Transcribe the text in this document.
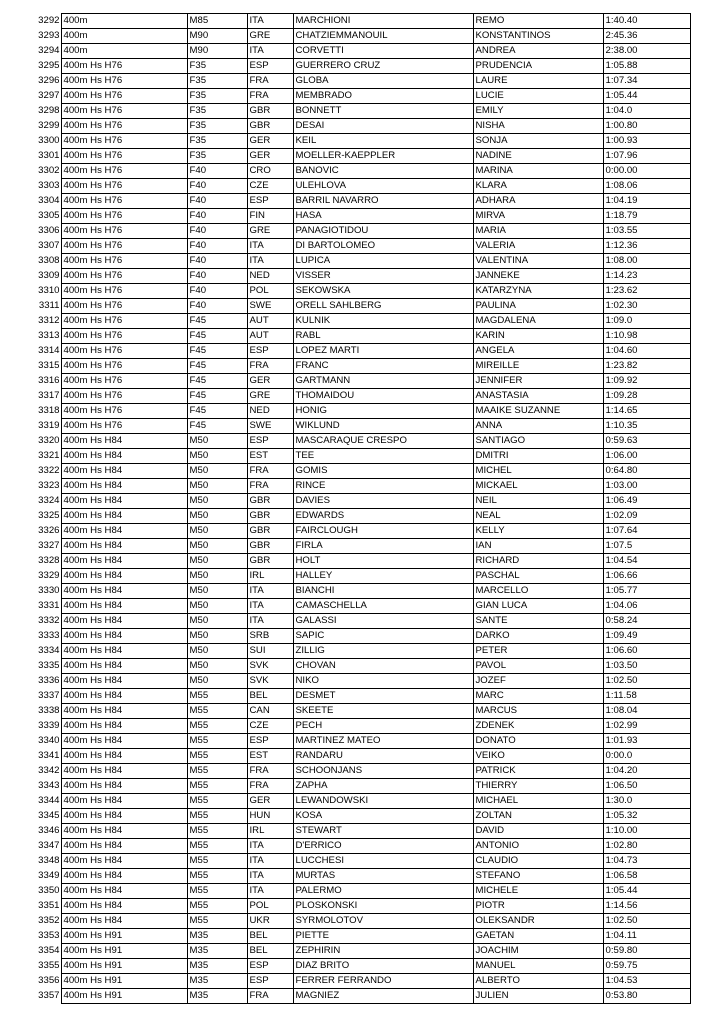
3292	400m	M85	ITA	MARCHIONI	REMO	1:40.40
3293	400m	M90	GRE	CHATZIEMMANOUIL	KONSTANTINOS	2:45.36
3294	400m	M90	ITA	CORVETTI	ANDREA	2:38.00
3295	400m Hs H76	F35	ESP	GUERRERO CRUZ	PRUDENCIA	1:05.88
3296	400m Hs H76	F35	FRA	GLOBA	LAURE	1:07.34
3297	400m Hs H76	F35	FRA	MEMBRADO	LUCIE	1:05.44
3298	400m Hs H76	F35	GBR	BONNETT	EMILY	1:04.0
3299	400m Hs H76	F35	GBR	DESAI	NISHA	1:00.80
3300	400m Hs H76	F35	GER	KEIL	SONJA	1:00.93
3301	400m Hs H76	F35	GER	MOELLER-KAEPPLER	NADINE	1:07.96
3302	400m Hs H76	F40	CRO	BANOVIC	MARINA	0:00.00
3303	400m Hs H76	F40	CZE	ULEHLOVA	KLARA	1:08.06
3304	400m Hs H76	F40	ESP	BARRIL NAVARRO	ADHARA	1:04.19
3305	400m Hs H76	F40	FIN	HASA	MIRVA	1:18.79
3306	400m Hs H76	F40	GRE	PANAGIOTIDOU	MARIA	1:03.55
3307	400m Hs H76	F40	ITA	DI BARTOLOMEO	VALERIA	1:12.36
3308	400m Hs H76	F40	ITA	LUPICA	VALENTINA	1:08.00
3309	400m Hs H76	F40	NED	VISSER	JANNEKE	1:14.23
3310	400m Hs H76	F40	POL	SEKOWSKA	KATARZYNA	1:23.62
3311	400m Hs H76	F40	SWE	ORELL SAHLBERG	PAULINA	1:02.30
3312	400m Hs H76	F45	AUT	KULNIK	MAGDALENA	1:09.0
3313	400m Hs H76	F45	AUT	RABL	KARIN	1:10.98
3314	400m Hs H76	F45	ESP	LOPEZ MARTI	ANGELA	1:04.60
3315	400m Hs H76	F45	FRA	FRANC	MIREILLE	1:23.82
3316	400m Hs H76	F45	GER	GARTMANN	JENNIFER	1:09.92
3317	400m Hs H76	F45	GRE	THOMAIDOU	ANASTASIA	1:09.28
3318	400m Hs H76	F45	NED	HONIG	MAAIKE SUZANNE	1:14.65
3319	400m Hs H76	F45	SWE	WIKLUND	ANNA	1:10.35
3320	400m Hs H84	M50	ESP	MASCARAQUE CRESPO	SANTIAGO	0:59.63
3321	400m Hs H84	M50	EST	TEE	DMITRI	1:06.00
3322	400m Hs H84	M50	FRA	GOMIS	MICHEL	0:64.80
3323	400m Hs H84	M50	FRA	RINCE	MICKAEL	1:03.00
3324	400m Hs H84	M50	GBR	DAVIES	NEIL	1:06.49
3325	400m Hs H84	M50	GBR	EDWARDS	NEAL	1:02.09
3326	400m Hs H84	M50	GBR	FAIRCLOUGH	KELLY	1:07.64
3327	400m Hs H84	M50	GBR	FIRLA	IAN	1:07.5
3328	400m Hs H84	M50	GBR	HOLT	RICHARD	1:04.54
3329	400m Hs H84	M50	IRL	HALLEY	PASCHAL	1:06.66
3330	400m Hs H84	M50	ITA	BIANCHI	MARCELLO	1:05.77
3331	400m Hs H84	M50	ITA	CAMASCHELLA	GIAN LUCA	1:04.06
3332	400m Hs H84	M50	ITA	GALASSI	SANTE	0:58.24
3333	400m Hs H84	M50	SRB	SAPIC	DARKO	1:09.49
3334	400m Hs H84	M50	SUI	ZILLIG	PETER	1:06.60
3335	400m Hs H84	M50	SVK	CHOVAN	PAVOL	1:03.50
3336	400m Hs H84	M50	SVK	NIKO	JOZEF	1:02.50
3337	400m Hs H84	M55	BEL	DESMET	MARC	1:11.58
3338	400m Hs H84	M55	CAN	SKEETE	MARCUS	1:08.04
3339	400m Hs H84	M55	CZE	PECH	ZDENEK	1:02.99
3340	400m Hs H84	M55	ESP	MARTINEZ MATEO	DONATO	1:01.93
3341	400m Hs H84	M55	EST	RANDARU	VEIKO	0:00.0
3342	400m Hs H84	M55	FRA	SCHOONJANS	PATRICK	1:04.20
3343	400m Hs H84	M55	FRA	ZAPHA	THIERRY	1:06.50
3344	400m Hs H84	M55	GER	LEWANDOWSKI	MICHAEL	1:30.0
3345	400m Hs H84	M55	HUN	KOSA	ZOLTAN	1:05.32
3346	400m Hs H84	M55	IRL	STEWART	DAVID	1:10.00
3347	400m Hs H84	M55	ITA	D'ERRICO	ANTONIO	1:02.80
3348	400m Hs H84	M55	ITA	LUCCHESI	CLAUDIO	1:04.73
3349	400m Hs H84	M55	ITA	MURTAS	STEFANO	1:06.58
3350	400m Hs H84	M55	ITA	PALERMO	MICHELE	1:05.44
3351	400m Hs H84	M55	POL	PLOSKONSKI	PIOTR	1:14.56
3352	400m Hs H84	M55	UKR	SYRMOLOTOV	OLEKSANDR	1:02.50
3353	400m Hs H91	M35	BEL	PIETTE	GAETAN	1:04.11
3354	400m Hs H91	M35	BEL	ZEPHIRIN	JOACHIM	0:59.80
3355	400m Hs H91	M35	ESP	DIAZ BRITO	MANUEL	0:59.75
3356	400m Hs H91	M35	ESP	FERRER FERRANDO	ALBERTO	1:04.53
3357	400m Hs H91	M35	FRA	MAGNIEZ	JULIEN	0:53.80
